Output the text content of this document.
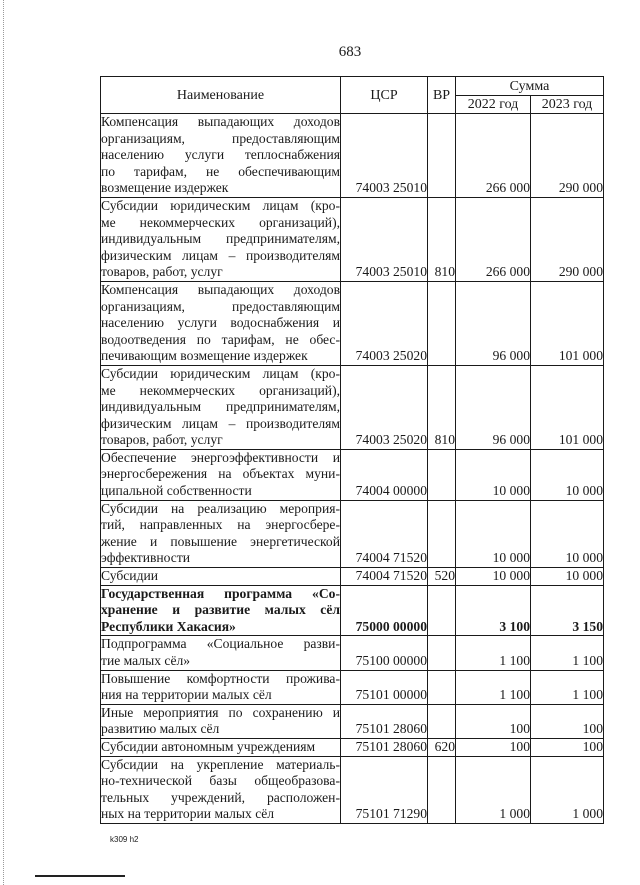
683
Наименование	ЦСР	ВР	Сумма	
			2022 год	2023 год

Компенсация выпадающих доходов
организациям, предоставляющим
населению услуги теплоснабжения
по тарифам, не обеспечивающим
возмещение издержек	74003 25010		266 000	290 000

Субсидии юридическим лицам (кро-
ме некоммерческих организаций),
индивидуальным предпринимателям,
физическим лицам – производителям
товаров, работ, услуг	74003 25010	810	266 000	290 000

Компенсация выпадающих доходов
организациям, предоставляющим
населению услуги водоснабжения и
водоотведения по тарифам, не обес-
печивающим возмещение издержек	74003 25020		96 000	101 000

Субсидии юридическим лицам (кро-
ме некоммерческих организаций),
индивидуальным предпринимателям,
физическим лицам – производителям
товаров, работ, услуг	74003 25020	810	96 000	101 000

Обеспечение энергоэффективности и
энергосбережения на объектах муни-
ципальной собственности	74004 00000		10 000	10 000

Субсидии на реализацию мероприя-
тий, направленных на энергосбере-
жение и повышение энергетической
эффективности	74004 71520		10 000	10 000

Субсидии	74004 71520	520	10 000	10 000

Государственная программа «Со-
хранение и развитие малых сёл
Республики Хакасия»	75000 00000		3 100	3 150

Подпрограмма «Социальное разви-
тие малых сёл»	75100 00000		1 100	1 100

Повышение комфортности прожива-
ния на территории малых сёл	75101 00000		1 100	1 100

Иные мероприятия по сохранению и
развитию малых сёл	75101 28060		100	100

Субсидии автономным учреждениям	75101 28060	620	100	100

Субсидии на укрепление материаль-
но-технической базы общеобразова-
тельных учреждений, расположен-
ных на территории малых сёл	75101 71290		1 000	1 000
k309 h2
